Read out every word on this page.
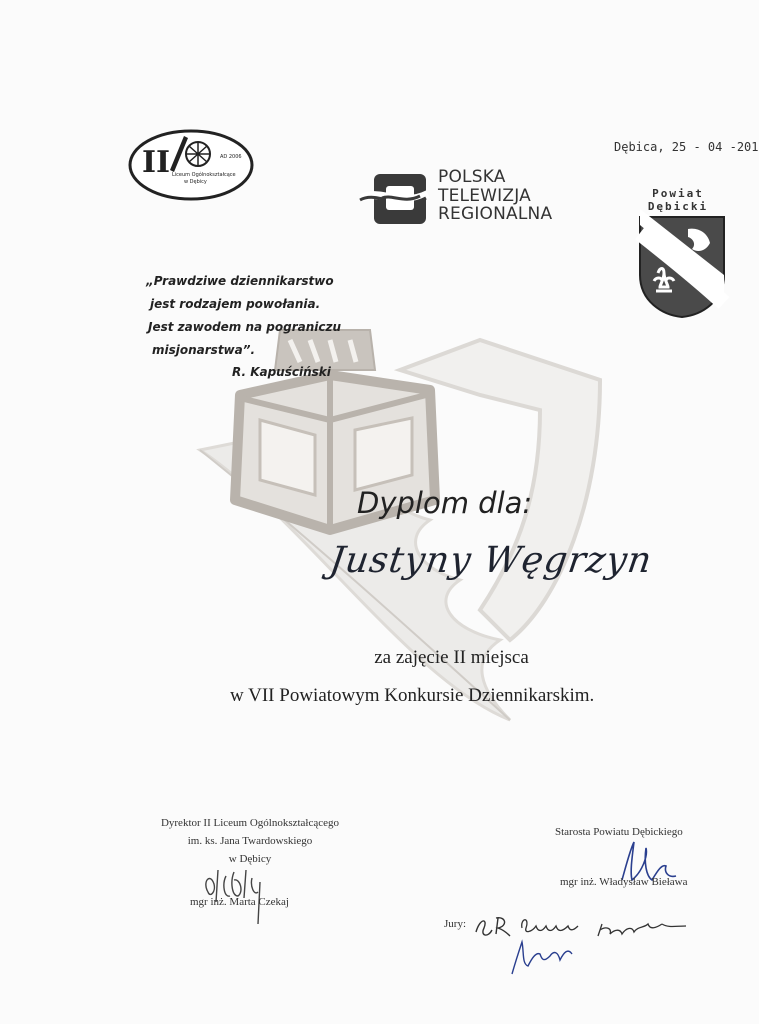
II	AD 2006
Liceum Ogólnokształcące
w Dębicy	POLSKA
TELEWIZJA
REGIONALNA
Dębica, 25 - 04 -201
Powiat
Dębicki
„Prawdziwe dziennikarstwo
jest rodzajem powołania.
Jest zawodem na pograniczu
misjonarstwa”.
R. Kapuściński
Dyplom dla:
Justyny Węgrzyn
za zajęcie II miejsca
w VII Powiatowym Konkursie Dziennikarskim.
Dyrektor II Liceum Ogólnokształcącego
im. ks. Jana Twardowskiego
w Dębicy
mgr inż. Marta Czekaj
Starosta Powiatu Dębickiego
mgr inż. Władysław Bieława
Jury:
